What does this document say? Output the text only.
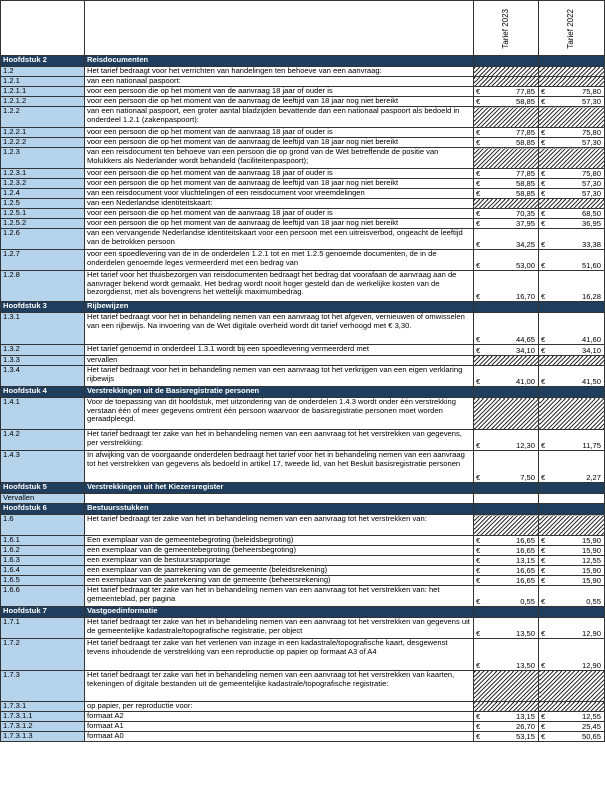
		Tarief 2023	Tarief 2022
Hoofdstuk 2	Reisdocumenten		
1.2	Het tarief bedraagt voor het verrichten van handelingen ten behoeve van een aanvraag:		
1.2.1	van een nationaal paspoort:		
1.2.1.1	voor een persoon die op het moment van de aanvraag 18 jaar of ouder is	€ 77,85	€ 75,80
1.2.1.2	voor een persoon die op het moment van de aanvraag de leeftijd van 18 jaar nog niet bereikt	€ 58,85	€ 57,30
1.2.2	van een nationaal paspoort, een groter aantal bladzijden bevattende dan een nationaal paspoort als bedoeld in onderdeel 1.2.1 (zakenpaspoort):		
1.2.2.1	voor een persoon die op het moment van de aanvraag 18 jaar of ouder is	€ 77,85	€ 75,80
1.2.2.2	voor een persoon die op het moment van de aanvraag de leeftijd van 18 jaar nog niet bereikt	€ 58,85	€ 57,30
1.2.3	van een reisdocument ten behoeve van een persoon die op grond van de Wet betreffende de positie van Molukkers als Nederlander wordt behandeld (faciliteitenpaspoort);		
1.2.3.1	voor een persoon die op het moment van de aanvraag 18 jaar of ouder is	€ 77,85	€ 75,80
1.2.3.2	voor een persoon die op het moment van de aanvraag de leeftijd van 18 jaar nog niet bereikt	€ 58,85	€ 57,30
1.2.4	van een reisdocument voor vluchtelingen of een reisdocument voor vreemdelingen	€ 58,85	€ 57,30
1.2.5	van een Nederlandse identiteitskaart:		
1.2.5.1	voor een persoon die op het moment van de aanvraag 18 jaar of ouder is	€ 70,35	€ 68,50
1.2.5.2	voor een persoon die op het moment van de aanvraag de leeftijd van 18 jaar nog niet bereikt	€ 37,95	€ 36,95
1.2.6	van een vervangende Nederlandse identiteitskaart voor een persoon met een uitreisverbod, ongeacht de leeftijd van de betrokken persoon	€ 34,25	€ 33,38
1.2.7	voor een spoedlevering van de in de onderdelen 1.2.1 tot en met 1.2.5 genoemde documenten, de in de onderdelen genoemde leges vermeerderd met een bedrag van	€ 53,00	€ 51,60
1.2.8	Het tarief voor het thuisbezorgen van reisdocumenten bedraagt het bedrag dat voorafaan de aanvraag aan de aanvrager bekend wordt gemaakt. Het bedrag wordt nooit hoger gesteld dan de werkelijke kosten van de bezorgdienst, met als bovengrens het wettelijk maximumbedrag.	€ 16,70	€ 16,28
Hoofdstuk 3	Rijbewijzen		
1.3.1	Het tarief bedraagt voor het in behandeling nemen van een aanvraag tot het afgeven, vernieuwen of omwisselen van een rijbewijs. Na invoering van de Wet digitale overheid wordt dit tarief verhoogd met € 3,30.	€ 44,65	€ 41,60
1.3.2	Het tarief genoemd in onderdeel 1.3.1 wordt bij een spoedlevering vermeerderd met	€ 34,10	€ 34,10
1.3.3	vervallen		
1.3.4	Het tarief bedraagt voor het in behandeling nemen van een aanvraag tot het verkrijgen van een eigen verklaring rijbewijs	€ 41,00	€ 41,50
Hoofdstuk 4	Verstrekkingen uit de Basisregistratie personen		
1.4.1	Voor de toepassing van dit hoofdstuk, met uitzondering van de onderdelen 1.4.3 wordt onder één verstrekking verstaan één of meer gegevens omtrent één persoon waarvoor de basisregistratie personen moet worden geraadpleegd.		
1.4.2	Het tarief bedraagt ter zake van het in behandeling nemen van een aanvraag tot het verstrekken van gegevens, per verstrekking:	€ 12,30	€ 11,75
1.4.3	In afwijking van de voorgaande onderdelen bedraagt het tarief voor het in behandeling nemen van een aanvraag tot het verstrekken van gegevens als bedoeld in artikel 17, tweede lid, van het Besluit basisregistratie personen	€ 7,50	€ 2,27
Hoofdstuk 5	Verstrekkingen uit het Kiezersregister		
Vervallen			
Hoofdstuk 6	Bestuursstukken		
1.6	Het tarief bedraagt ter zake van het in behandeling nemen van een aanvraag tot het verstrekken van:		
1.6.1	Een exemplaar van de gemeentebegroting (beleidsbegroting)	€ 16,65	€ 15,90
1.6.2	een exemplaar van de gemeentebegroting (beheersbegroting)	€ 16,65	€ 15,90
1.6.3	een exemplaar van de bestuursrapportage	€ 13,15	€ 12,55
1.6.4	een exemplaar van de jaarrekening van de gemeente (beleidsrekening)	€ 16,65	€ 15,90
1.6.5	een exemplaar van de jaarrekening van de gemeente (beheersrekening)	€ 16,65	€ 15,90
1.6.6	Het tarief bedraagt ter zake van het in behandeling nemen van een aanvraag tot het verstrekken van: het gemeenteblad, per pagina	€ 0,55	€ 0,55
Hoofdstuk 7	Vastgoedinformatie		
1.7.1	Het tarief bedraagt ter zake van het in behandeling nemen van een aanvraag tot het verstrekken van gegevens uit de gemeentelijke kadastrale/topografische registratie, per object	€ 13,50	€ 12,90
1.7.2	Het tarief bedraagt ter zake van het verlenen van inzage in een kadastrale/topografische kaart, desgewenst tevens inhoudende de verstrekking van een reproductie op papier op formaat A3 of A4	€ 13,50	€ 12,90
1.7.3	Het tarief bedraagt ter zake van het in behandeling nemen van een aanvraag tot het verstrekken van kaarten, tekeningen of digitale bestanden uit de gemeentelijke kadastrale/topografische registratie:		
1.7.3.1	op papier, per reproductie voor:		
1.7.3.1.1	formaat A2	€ 13,15	€ 12,55
1.7.3.1.2	formaat A1	€ 26,70	€ 25,45
1.7.3.1.3	formaat A0	€ 53,15	€ 50,65
